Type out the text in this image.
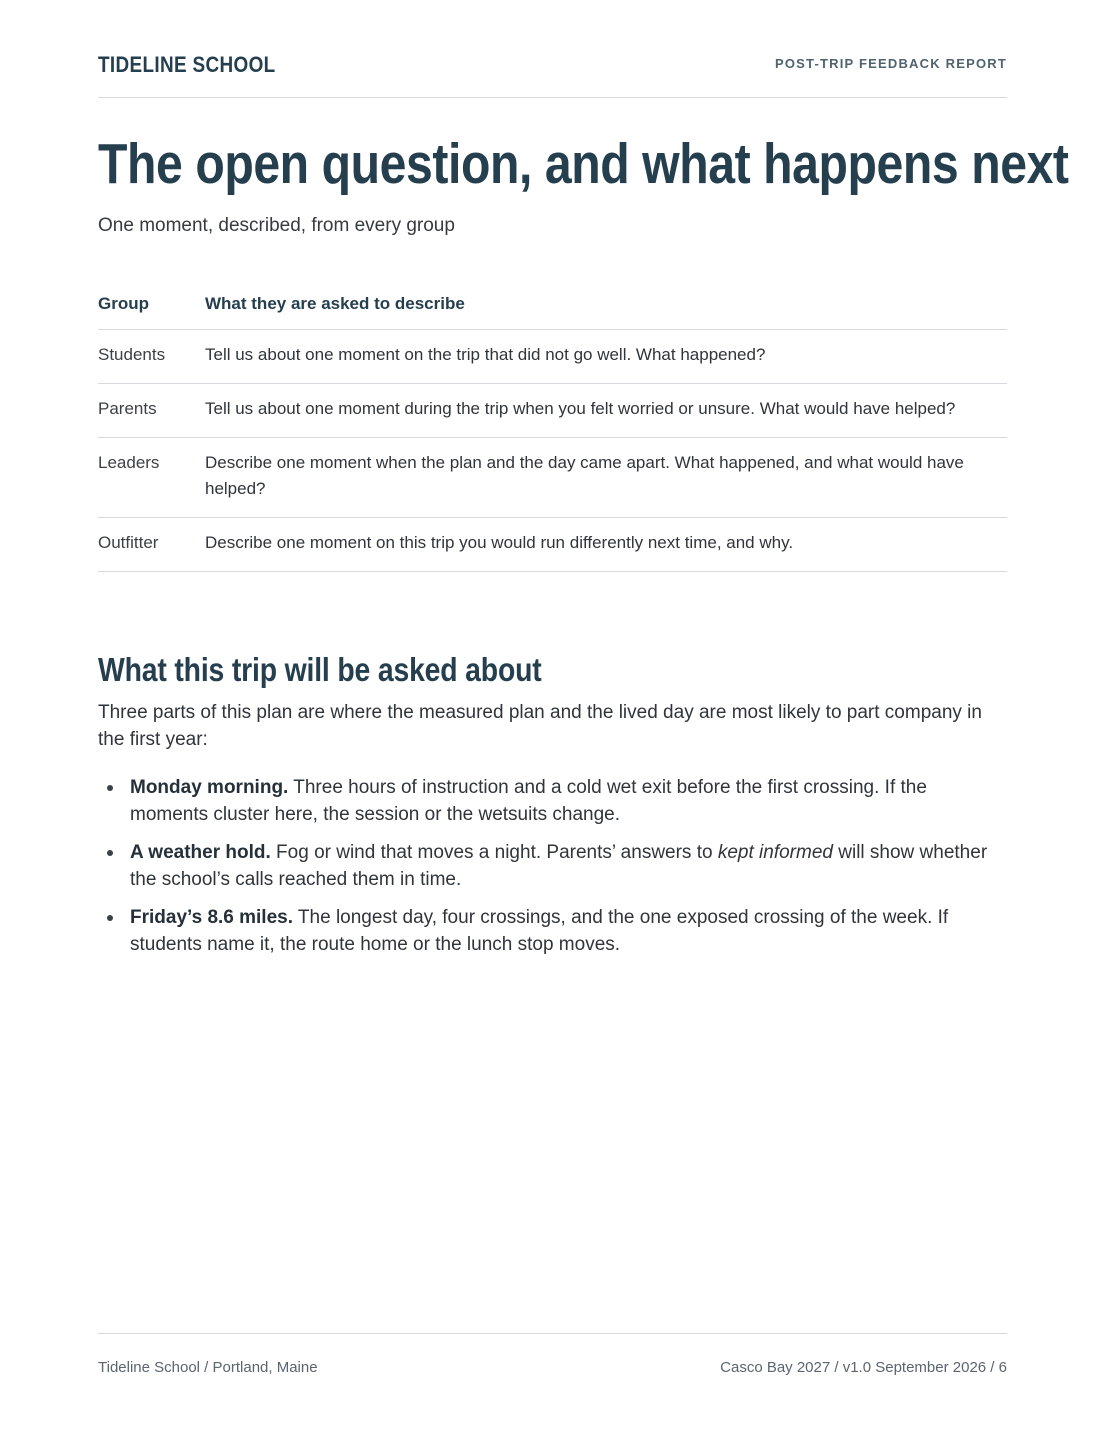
TIDELINE SCHOOL	POST-TRIP FEEDBACK REPORT
The open question, and what happens next
One moment, described, from every group
Group	What they are asked to describe
Students	Tell us about one moment on the trip that did not go well. What happened?
Parents	Tell us about one moment during the trip when you felt worried or unsure. What would have helped?
Leaders	Describe one moment when the plan and the day came apart. What happened, and what would have helped?
Outfitter	Describe one moment on this trip you would run differently next time, and why.
What this trip will be asked about
Three parts of this plan are where the measured plan and the lived day are most likely to part company in the first year:
Monday morning. Three hours of instruction and a cold wet exit before the first crossing. If the moments cluster here, the session or the wetsuits change.
A weather hold. Fog or wind that moves a night. Parents’ answers to kept informed will show whether the school’s calls reached them in time.
Friday’s 8.6 miles. The longest day, four crossings, and the one exposed crossing of the week. If students name it, the route home or the lunch stop moves.
Tideline School / Portland, Maine	Casco Bay 2027 / v1.0 September 2026 / 6
